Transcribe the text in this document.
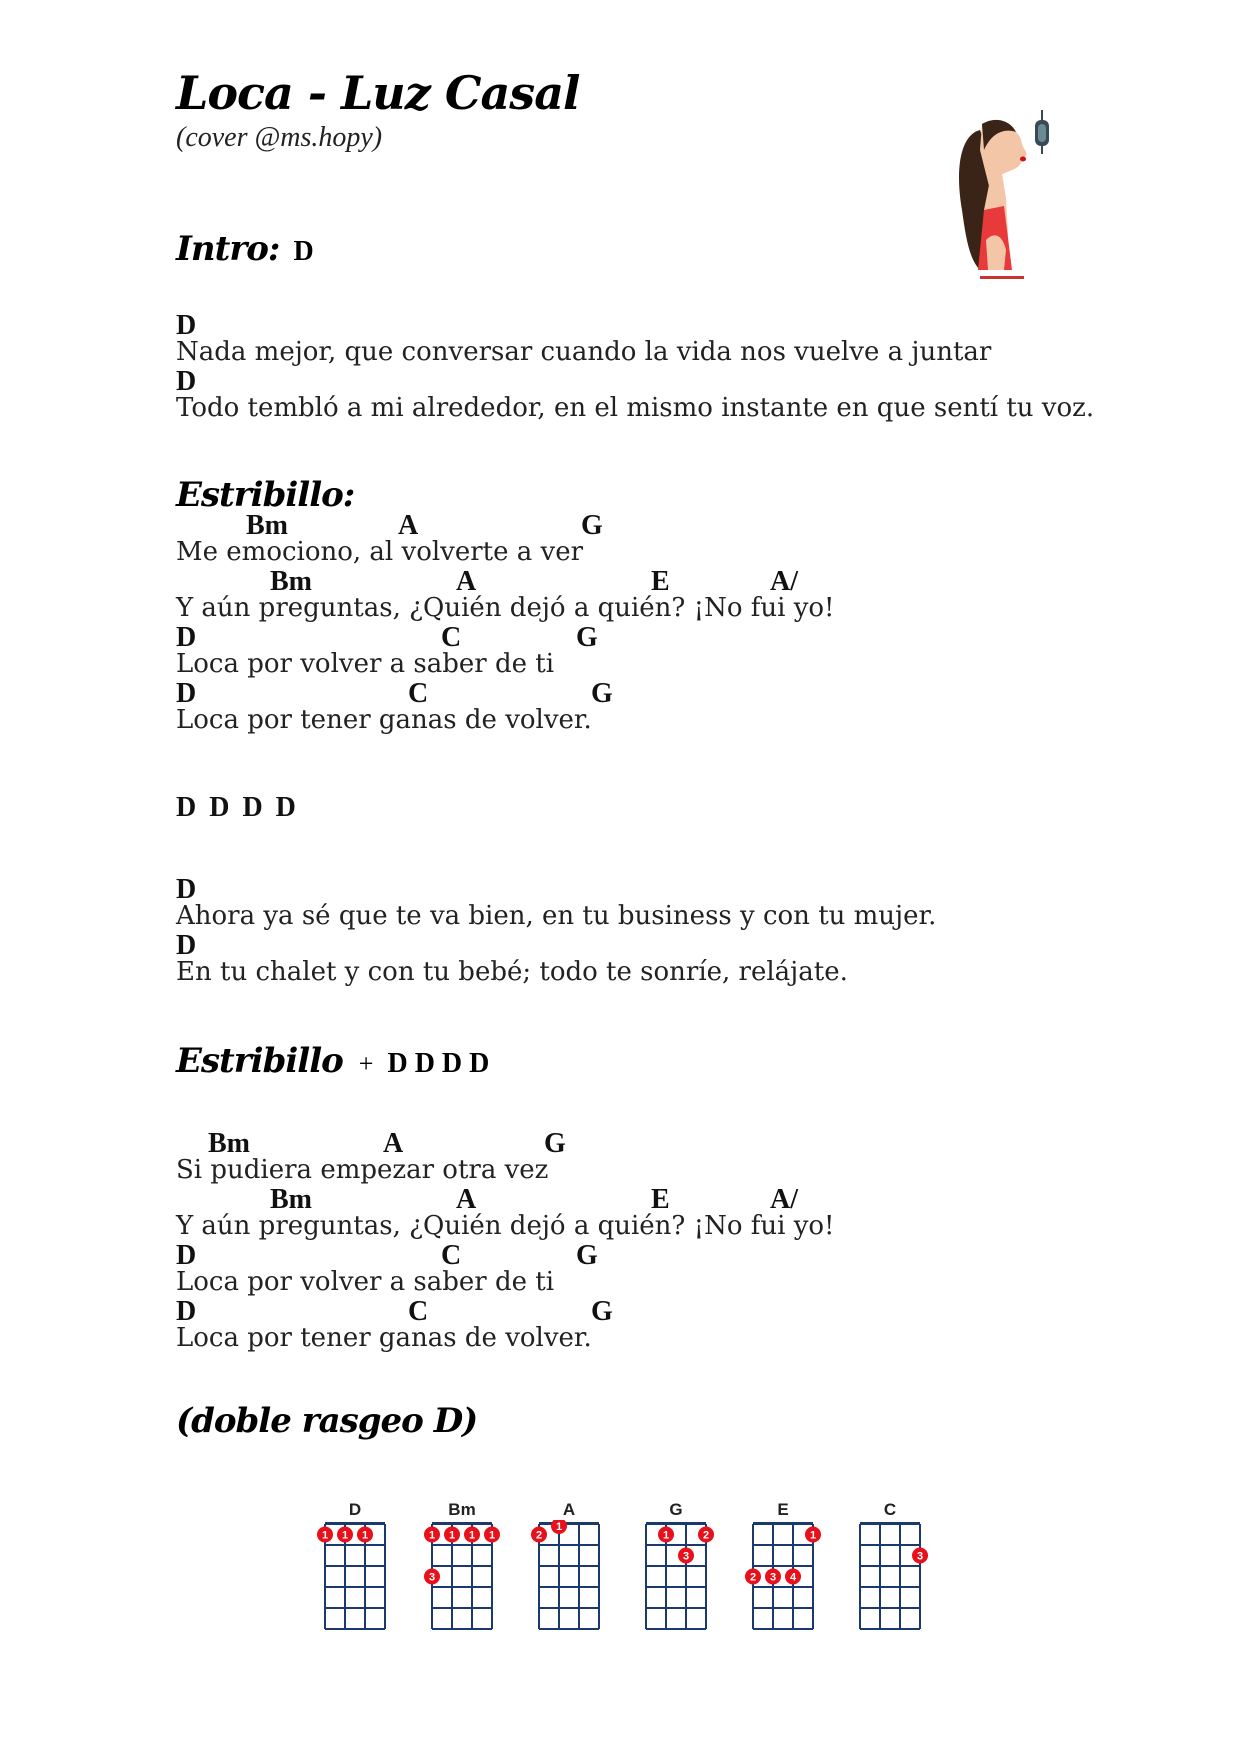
Loca - Luz Casal
(cover @ms.hopy)
Intro: D
D
Nada mejor, que conversar cuando la vida nos vuelve a juntar
D
Todo tembló a mi alrededor, en el mismo instante en que sentí tu voz.
Estribillo:
Bm	A	G
Me emociono, al volverte a ver
Bm	A	E	A/
Y aún preguntas, ¿Quién dejó a quién? ¡No fui yo!
D	C	G
Loca por volver a saber de ti
D	C	G
Loca por tener ganas de volver.
D D D D
D
Ahora ya sé que te va bien, en tu business y con tu mujer.
D
En tu chalet y con tu bebé; todo te sonríe, relájate.
Estribillo + D D D D
Bm	A	G
Si pudiera empezar otra vez
Bm	A	E	A/
Y aún preguntas, ¿Quién dejó a quién? ¡No fui yo!
D	C	G
Loca por volver a saber de ti
D	C	G
Loca por tener ganas de volver.
(doble rasgeo D)
D
1 1 1
Bm
1 1 1 1
3
A
2
1
G
1	2
3
E
1
2 3 4
C
3
